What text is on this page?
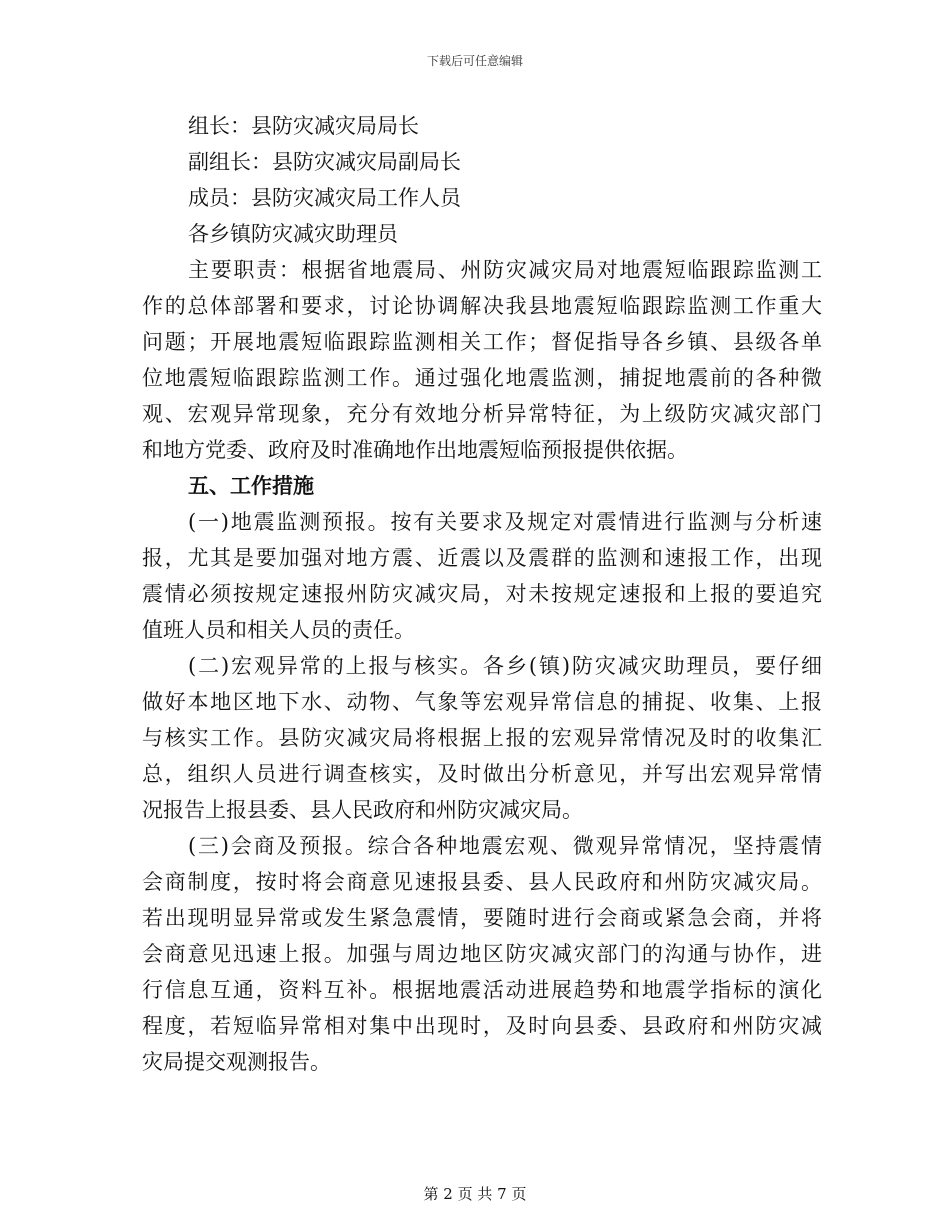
下载后可任意编辑
组长：县防灾减灾局局长
副组长：县防灾减灾局副局长
成员：县防灾减灾局工作人员
各乡镇防灾减灾助理员
主要职责：根据省地震局、州防灾减灾局对地震短临跟踪监测工
作的总体部署和要求，讨论协调解决我县地震短临跟踪监测工作重大
问题；开展地震短临跟踪监测相关工作；督促指导各乡镇、县级各单
位地震短临跟踪监测工作。通过强化地震监测，捕捉地震前的各种微
观、宏观异常现象，充分有效地分析异常特征，为上级防灾减灾部门
和地方党委、政府及时准确地作出地震短临预报提供依据。
五、工作措施
(一)地震监测预报。按有关要求及规定对震情进行监测与分析速
报，尤其是要加强对地方震、近震以及震群的监测和速报工作，出现
震情必须按规定速报州防灾减灾局，对未按规定速报和上报的要追究
值班人员和相关人员的责任。
(二)宏观异常的上报与核实。各乡(镇)防灾减灾助理员，要仔细
做好本地区地下水、动物、气象等宏观异常信息的捕捉、收集、上报
与核实工作。县防灾减灾局将根据上报的宏观异常情况及时的收集汇
总，组织人员进行调查核实，及时做出分析意见，并写出宏观异常情
况报告上报县委、县人民政府和州防灾减灾局。
(三)会商及预报。综合各种地震宏观、微观异常情况，坚持震情
会商制度，按时将会商意见速报县委、县人民政府和州防灾减灾局。
若出现明显异常或发生紧急震情，要随时进行会商或紧急会商，并将
会商意见迅速上报。加强与周边地区防灾减灾部门的沟通与协作，进
行信息互通，资料互补。根据地震活动进展趋势和地震学指标的演化
程度，若短临异常相对集中出现时，及时向县委、县政府和州防灾减
灾局提交观测报告。
第 2 页 共 7 页
